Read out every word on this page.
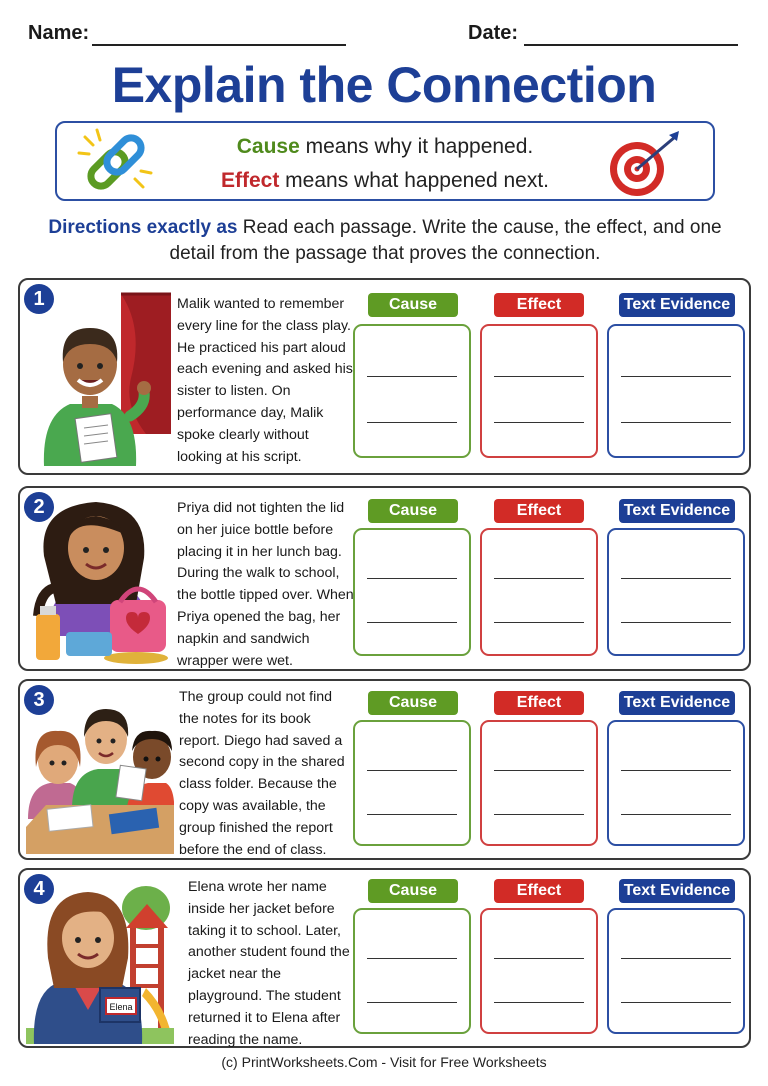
Name:	Date:
Explain the Connection
Cause means why it happened.
Effect means what happened next.
Directions exactly as Read each passage. Write the cause, the effect, and one detail from the passage that proves the connection.
1	Malik wanted to remember every line for the class play. He practiced his part aloud each evening and asked his sister to listen. On performance day, Malik spoke clearly without looking at his script.
Cause	Effect	Text Evidence
2	Priya did not tighten the lid on her juice bottle before placing it in her lunch bag. During the walk to school, the bottle tipped over. When Priya opened the bag, her napkin and sandwich wrapper were wet.
Cause	Effect	Text Evidence
3	The group could not find the notes for its book report. Diego had saved a second copy in the shared class folder. Because the copy was available, the group finished the report before the end of class.
Cause	Effect	Text Evidence
Elena
4	Elena wrote her name inside her jacket before taking it to school. Later, another student found the jacket near the playground. The student returned it to Elena after reading the name.
Cause	Effect	Text Evidence
(c) PrintWorksheets.Com - Visit for Free Worksheets
